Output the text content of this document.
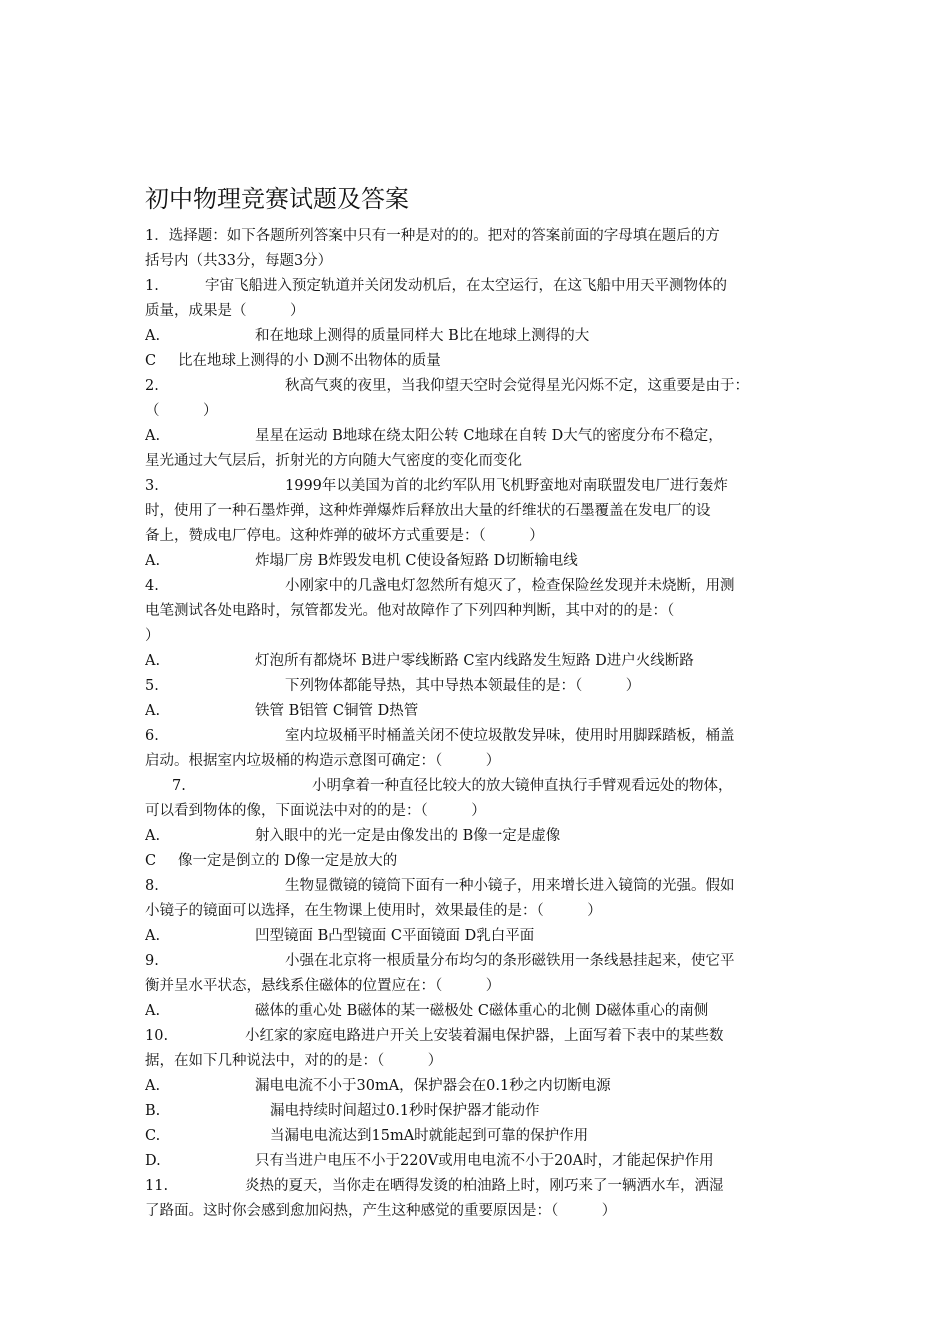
初中物理竞赛试题及答案
1．选择题：如下各题所列答案中只有一种是对的的。把对的答案前面的字母填在题后的方
括号内（共33分，每题3分）
1.	宇宙飞船进入预定轨道并关闭发动机后，在太空运行，在这飞船中用天平测物体的
质量，成果是（　　　）
A.	和在地球上测得的质量同样大 B比在地球上测得的大
C 比在地球上测得的小 D测不出物体的质量
2.	秋高气爽的夜里，当我仰望天空时会觉得星光闪烁不定，这重要是由于：
（　　　）
A.	星星在运动 B地球在绕太阳公转 C地球在自转 D大气的密度分布不稳定，
星光通过大气层后，折射光的方向随大气密度的变化而变化
3.	1999年以美国为首的北约军队用飞机野蛮地对南联盟发电厂进行轰炸
时，使用了一种石墨炸弹，这种炸弹爆炸后释放出大量的纤维状的石墨覆盖在发电厂的设
备上，赞成电厂停电。这种炸弹的破坏方式重要是：（　　　）
A.	炸塌厂房 B炸毁发电机 C使设备短路 D切断输电线
4.	小刚家中的几盏电灯忽然所有熄灭了，检查保险丝发现并未烧断，用测
电笔测试各处电路时，氖管都发光。他对故障作了下列四种判断，其中对的的是：（
）
A.	灯泡所有都烧坏 B进户零线断路 C室内线路发生短路 D进户火线断路
5.	下列物体都能导热，其中导热本领最佳的是：（　　　）
A.	铁管 B铝管 C铜管 D热管
6.	室内垃圾桶平时桶盖关闭不使垃圾散发异味，使用时用脚踩踏板，桶盖
启动。根据室内垃圾桶的构造示意图可确定：（　　　）
7.	小明拿着一种直径比较大的放大镜伸直执行手臂观看远处的物体，
可以看到物体的像，下面说法中对的的是：（　　　）
A.	射入眼中的光一定是由像发出的 B像一定是虚像
C 像一定是倒立的 D像一定是放大的
8.	生物显微镜的镜筒下面有一种小镜子，用来增长进入镜筒的光强。假如
小镜子的镜面可以选择，在生物课上使用时，效果最佳的是：（　　　）
A.	凹型镜面 B凸型镜面 C平面镜面 D乳白平面
9.	小强在北京将一根质量分布均匀的条形磁铁用一条线悬挂起来，使它平
衡并呈水平状态，悬线系住磁体的位置应在：（　　　）
A.	磁体的重心处 B磁体的某一磁极处 C磁体重心的北侧 D磁体重心的南侧
10.	小红家的家庭电路进户开关上安装着漏电保护器，上面写着下表中的某些数
据，在如下几种说法中，对的的是：（　　　）
A.	漏电电流不小于30mA，保护器会在0.1秒之内切断电源
B.	漏电持续时间超过0.1秒时保护器才能动作
C.	当漏电电流达到15mA时就能起到可靠的保护作用
D.	只有当进户电压不小于220V或用电电流不小于20A时，才能起保护作用
11.	炎热的夏天，当你走在晒得发烫的柏油路上时，刚巧来了一辆洒水车，洒湿
了路面。这时你会感到愈加闷热，产生这种感觉的重要原因是：（　　　）
